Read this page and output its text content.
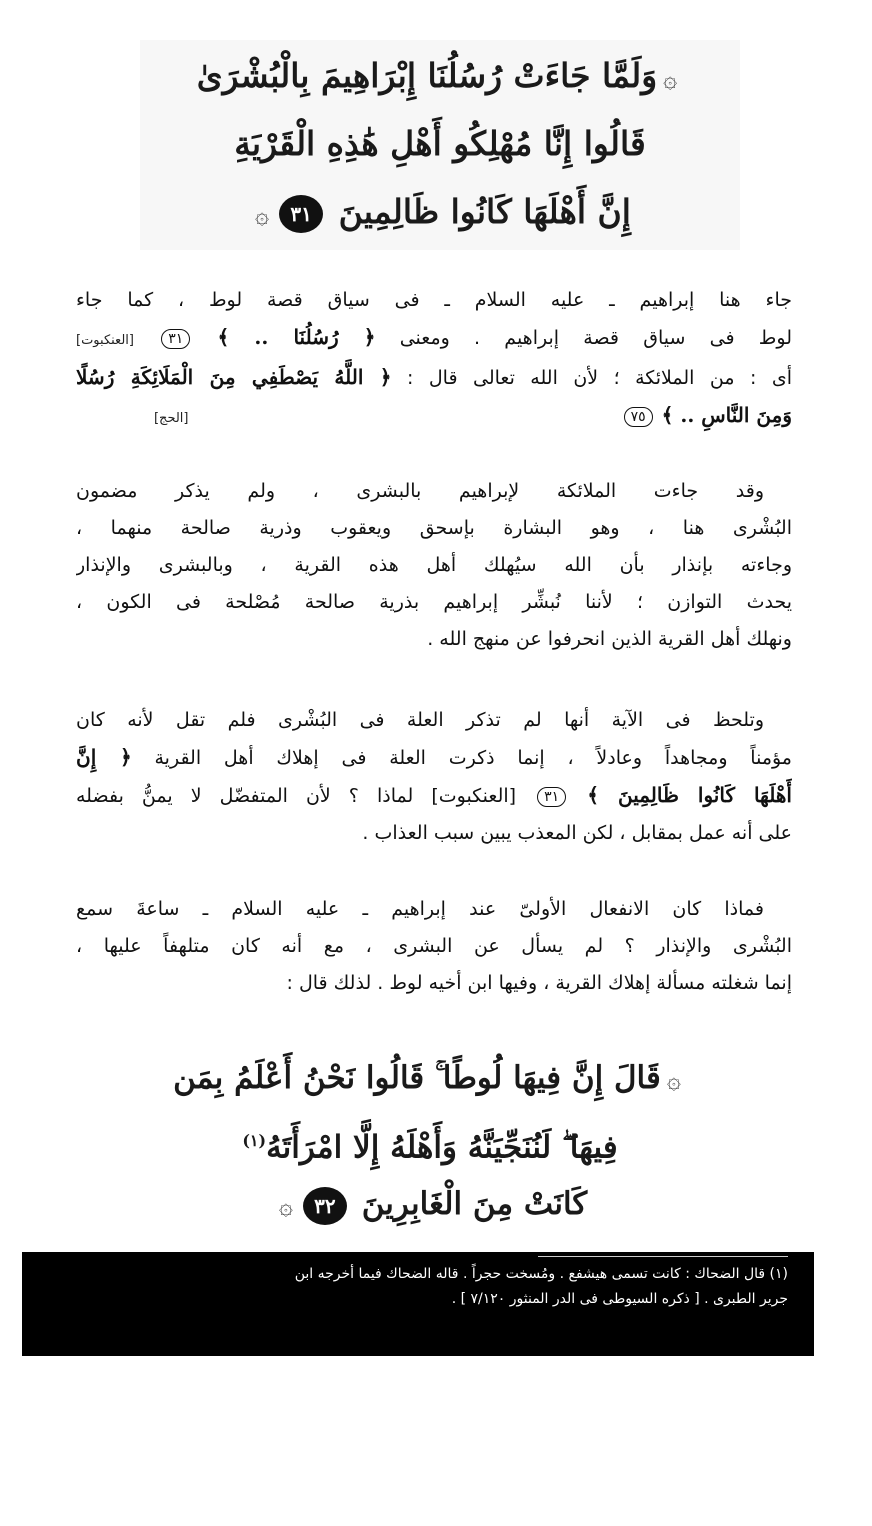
۞وَلَمَّا جَاءَتْ رُسُلُنَا إِبْرَاهِيمَ بِالْبُشْرَىٰ
قَالُوا إِنَّا مُهْلِكُو أَهْلِ هَٰذِهِ الْقَرْيَةِ
إِنَّ أَهْلَهَا كَانُوا ظَالِمِينَ ٣١۞
جاء هنا إبراهيم ـ عليه السلام ـ فى سياق قصة لوط ، كما جاء
لوط فى سياق قصة إبراهيم . ومعنى ﴿ رُسُلُنَا .. ﴾ ٣١ [العنكبوت]
أى : من الملائكة ؛ لأن الله تعالى قال : ﴿ اللَّهُ يَصْطَفِي مِنَ الْمَلَائِكَةِ رُسُلًا
وَمِنَ النَّاسِ .. ﴾ ٧٥  [الحج]
وقد جاءت الملائكة لإبراهيم بالبشرى ، ولم يذكر مضمون
البُشْرى هنا ، وهو البشارة بإسحق ويعقوب وذرية صالحة منهما ،
وجاءته بإنذار بأن الله سيُهلك أهل هذه القرية ، وبالبشرى والإنذار
يحدث التوازن ؛ لأننا نُبشِّر إبراهيم بذرية صالحة مُصْلحة فى الكون ،
ونهلك أهل القرية الذين انحرفوا عن منهج الله .
وتلحظ فى الآية أنها لم تذكر العلة فى البُشْرى فلم تقل لأنه كان
مؤمناً ومجاهداً وعادلاً ، إنما ذكرت العلة فى إهلاك أهل القرية ﴿ إِنَّ
أَهْلَهَا كَانُوا ظَالِمِينَ ﴾ ٣١ [العنكبوت] لماذا ؟ لأن المتفضّل لا يمنُّ بفضله
على أنه عمل بمقابل ، لكن المعذب يبين سبب العذاب .
فماذا كان الانفعال الأولىّ عند إبراهيم ـ عليه السلام ـ ساعةَ سمع
البُشْرى والإنذار ؟ لم يسأل عن البشرى ، مع أنه كان متلهفاً عليها ،
إنما شغلته مسألة إهلاك القرية ، وفيها ابن أخيه لوط . لذلك قال :
۞قَالَ إِنَّ فِيهَا لُوطًا ۚ قَالُوا نَحْنُ أَعْلَمُ بِمَن
فِيهَا ۖ لَنُنَجِّيَنَّهُ وَأَهْلَهُ إِلَّا امْرَأَتَهُ$^{(١)}$
كَانَتْ مِنَ الْغَابِرِينَ ٣٢۞
(١) قال الضحاك : كانت تسمى هيشفع . ومُسخت حجراً . قاله الضحاك فيما أخرجه ابن
جرير الطبرى . [ ذكره السيوطى فى الدر المنثور ٧/١٢٠ ] .
